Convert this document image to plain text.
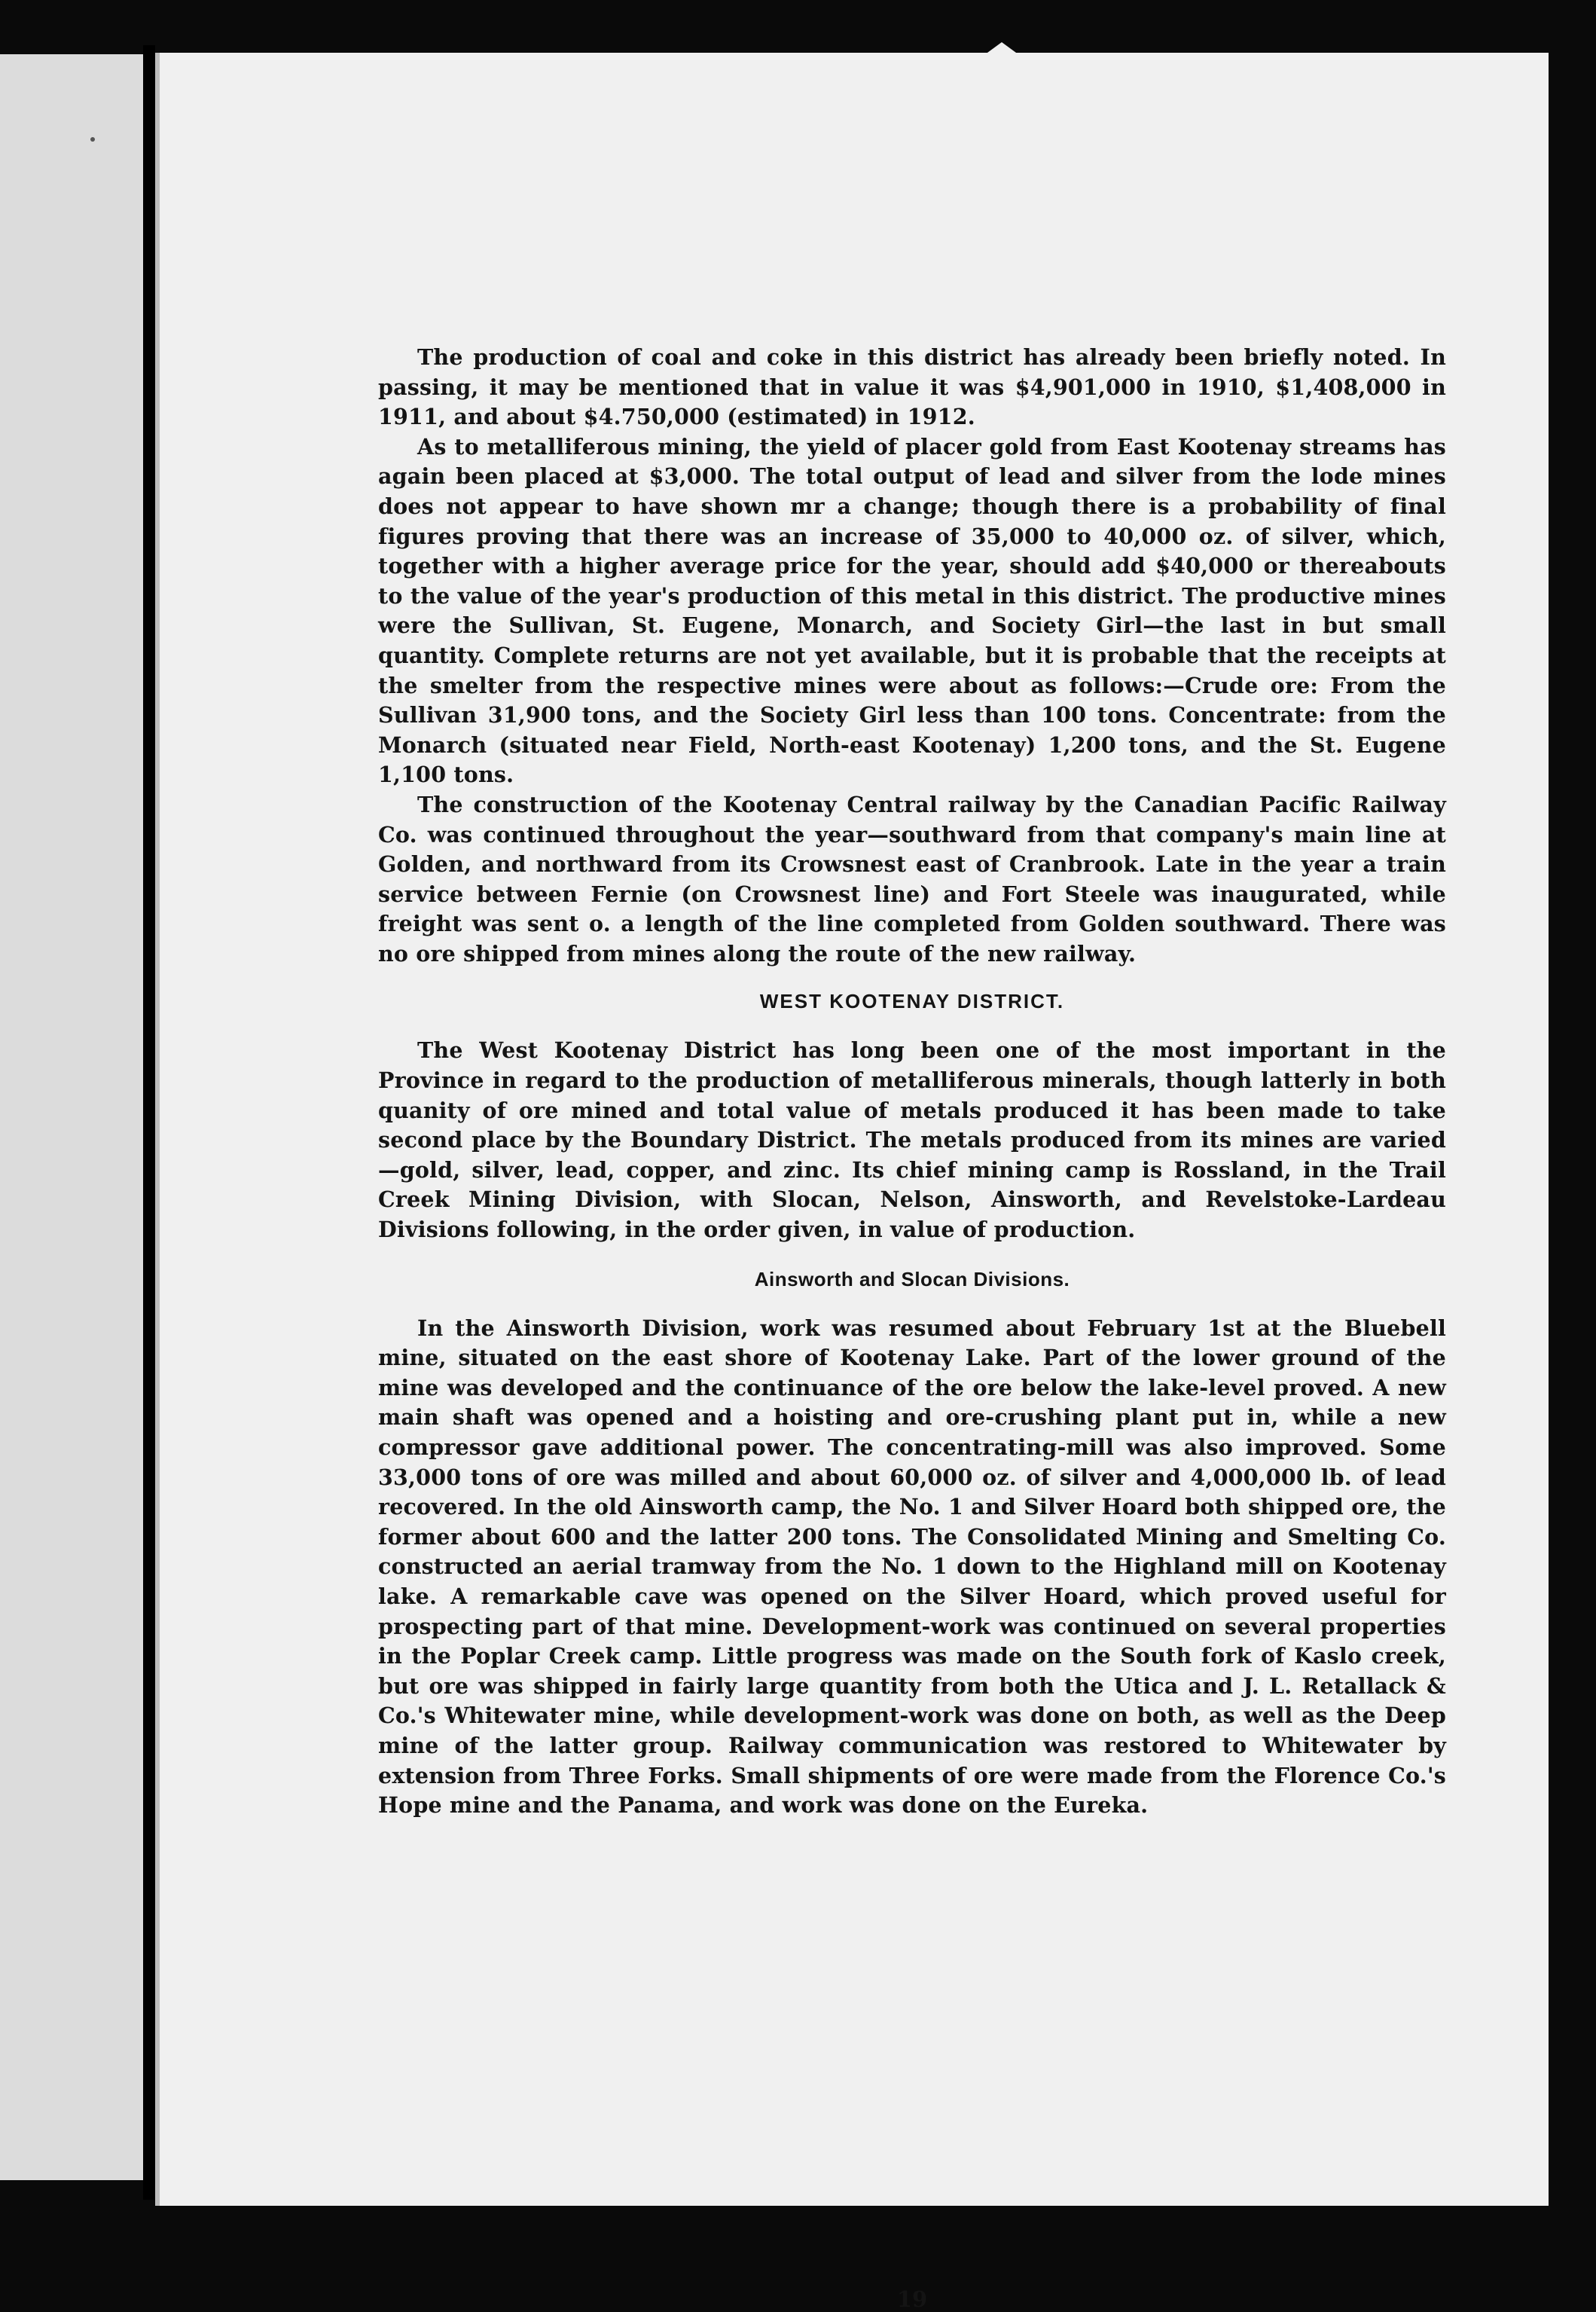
The production of coal and coke in this district has already been briefly noted. In passing, it may be mentioned that in value it was $4,901,000 in 1910, $1,408,000 in 1911, and about $4.750,000 (estimated) in 1912.

As to metalliferous mining, the yield of placer gold from East Kootenay streams has again been placed at $3,000. The total output of lead and silver from the lode mines does not appear to have shown mr a change; though there is a probability of final figures proving that there was an increase of 35,000 to 40,000 oz. of silver, which, together with a higher average price for the year, should add $40,000 or thereabouts to the value of the year's production of this metal in this district. The productive mines were the Sullivan, St. Eugene, Monarch, and Society Girl—the last in but small quantity. Complete returns are not yet available, but it is probable that the receipts at the smelter from the respective mines were about as follows:—Crude ore: From the Sullivan 31,900 tons, and the Society Girl less than 100 tons. Concentrate: from the Monarch (situated near Field, North-east Kootenay) 1,200 tons, and the St. Eugene 1,100 tons.

The construction of the Kootenay Central railway by the Canadian Pacific Railway Co. was continued throughout the year—southward from that company's main line at Golden, and northward from its Crowsnest east of Cranbrook. Late in the year a train service between Fernie (on Crowsnest line) and Fort Steele was inaugurated, while freight was sent o. a length of the line completed from Golden southward. There was no ore shipped from mines along the route of the new railway.

WEST KOOTENAY DISTRICT.

The West Kootenay District has long been one of the most important in the Province in regard to the production of metalliferous minerals, though latterly in both quanity of ore mined and total value of metals produced it has been made to take second place by the Boundary District. The metals produced from its mines are varied—gold, silver, lead, copper, and zinc. Its chief mining camp is Rossland, in the Trail Creek Mining Division, with Slocan, Nelson, Ainsworth, and Revelstoke-Lardeau Divisions following, in the order given, in value of production.

Ainsworth and Slocan Divisions.

In the Ainsworth Division, work was resumed about February 1st at the Bluebell mine, situated on the east shore of Kootenay Lake. Part of the lower ground of the mine was developed and the continuance of the ore below the lake-level proved. A new main shaft was opened and a hoisting and ore-crushing plant put in, while a new compressor gave additional power. The concentrating-mill was also improved. Some 33,000 tons of ore was milled and about 60,000 oz. of silver and 4,000,000 lb. of lead recovered. In the old Ainsworth camp, the No. 1 and Silver Hoard both shipped ore, the former about 600 and the latter 200 tons. The Consolidated Mining and Smelting Co. constructed an aerial tramway from the No. 1 down to the Highland mill on Kootenay lake. A remarkable cave was opened on the Silver Hoard, which proved useful for prospecting part of that mine. Development-work was continued on several properties in the Poplar Creek camp. Little progress was made on the South fork of Kaslo creek, but ore was shipped in fairly large quantity from both the Utica and J. L. Retallack & Co.'s Whitewater mine, while development-work was done on both, as well as the Deep mine of the latter group. Railway communication was restored to Whitewater by extension from Three Forks. Small shipments of ore were made from the Florence Co.'s Hope mine and the Panama, and work was done on the Eureka.

19
